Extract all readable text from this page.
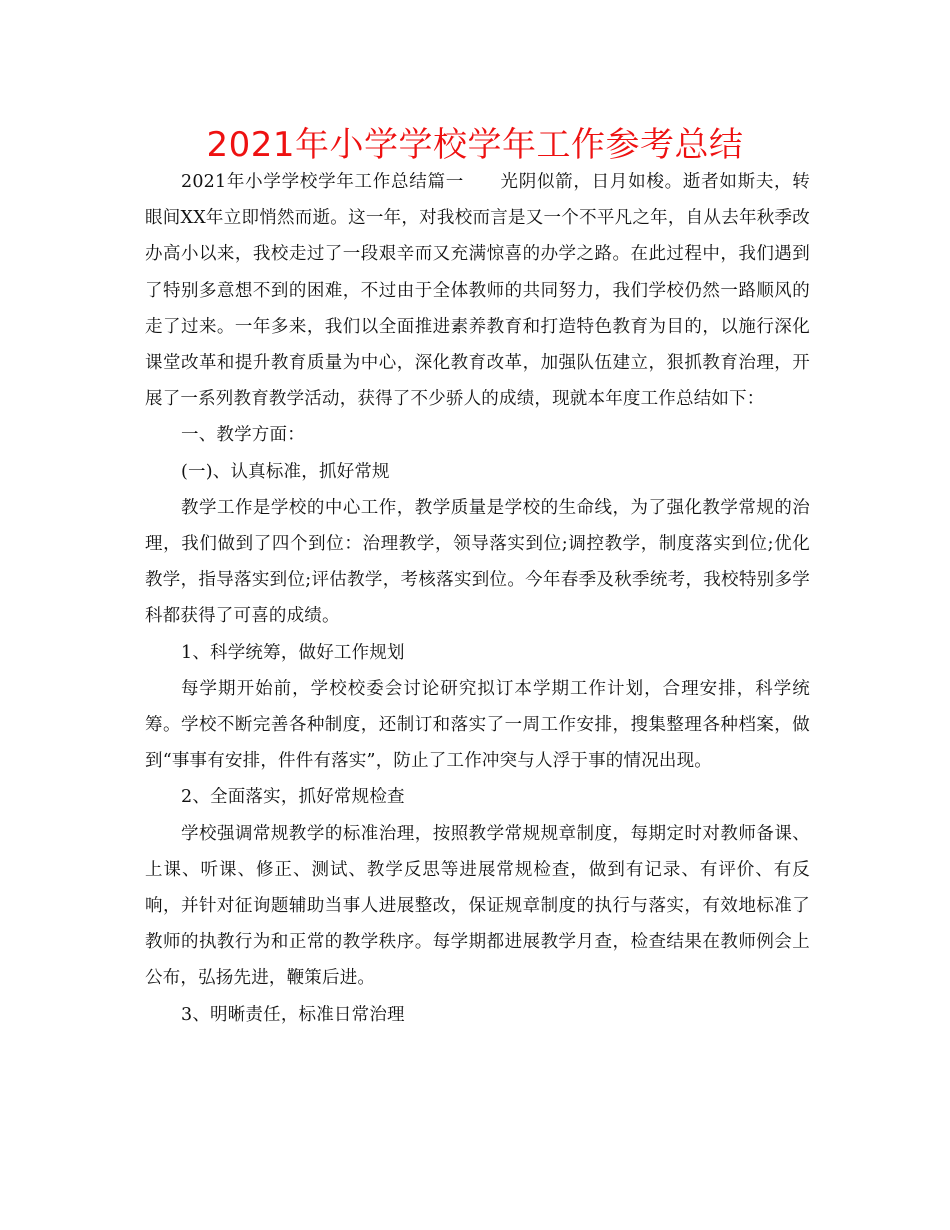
2021年小学学校学年工作参考总结

2021年小学学校学年工作总结篇一　　光阴似箭，日月如梭。逝者如斯夫，转眼间XX年立即悄然而逝。这一年，对我校而言是又一个不平凡之年，自从去年秋季改办高小以来，我校走过了一段艰辛而又充满惊喜的办学之路。在此过程中，我们遇到了特别多意想不到的困难，不过由于全体教师的共同努力，我们学校仍然一路顺风的走了过来。一年多来，我们以全面推进素养教育和打造特色教育为目的，以施行深化课堂改革和提升教育质量为中心，深化教育改革，加强队伍建立，狠抓教育治理，开展了一系列教育教学活动，获得了不少骄人的成绩，现就本年度工作总结如下：

一、教学方面：

(一)、认真标准，抓好常规

教学工作是学校的中心工作，教学质量是学校的生命线，为了强化教学常规的治理，我们做到了四个到位：治理教学，领导落实到位;调控教学，制度落实到位;优化教学，指导落实到位;评估教学，考核落实到位。今年春季及秋季统考，我校特别多学科都获得了可喜的成绩。

1、科学统筹，做好工作规划

每学期开始前，学校校委会讨论研究拟订本学期工作计划，合理安排，科学统筹。学校不断完善各种制度，还制订和落实了一周工作安排，搜集整理各种档案，做到“事事有安排，件件有落实”，防止了工作冲突与人浮于事的情况出现。

2、全面落实，抓好常规检查

学校强调常规教学的标准治理，按照教学常规规章制度，每期定时对教师备课、上课、听课、修正、测试、教学反思等进展常规检查，做到有记录、有评价、有反响，并针对征询题辅助当事人进展整改，保证规章制度的执行与落实，有效地标准了教师的执教行为和正常的教学秩序。每学期都进展教学月查，检查结果在教师例会上公布，弘扬先进，鞭策后进。

3、明晰责任，标准日常治理
